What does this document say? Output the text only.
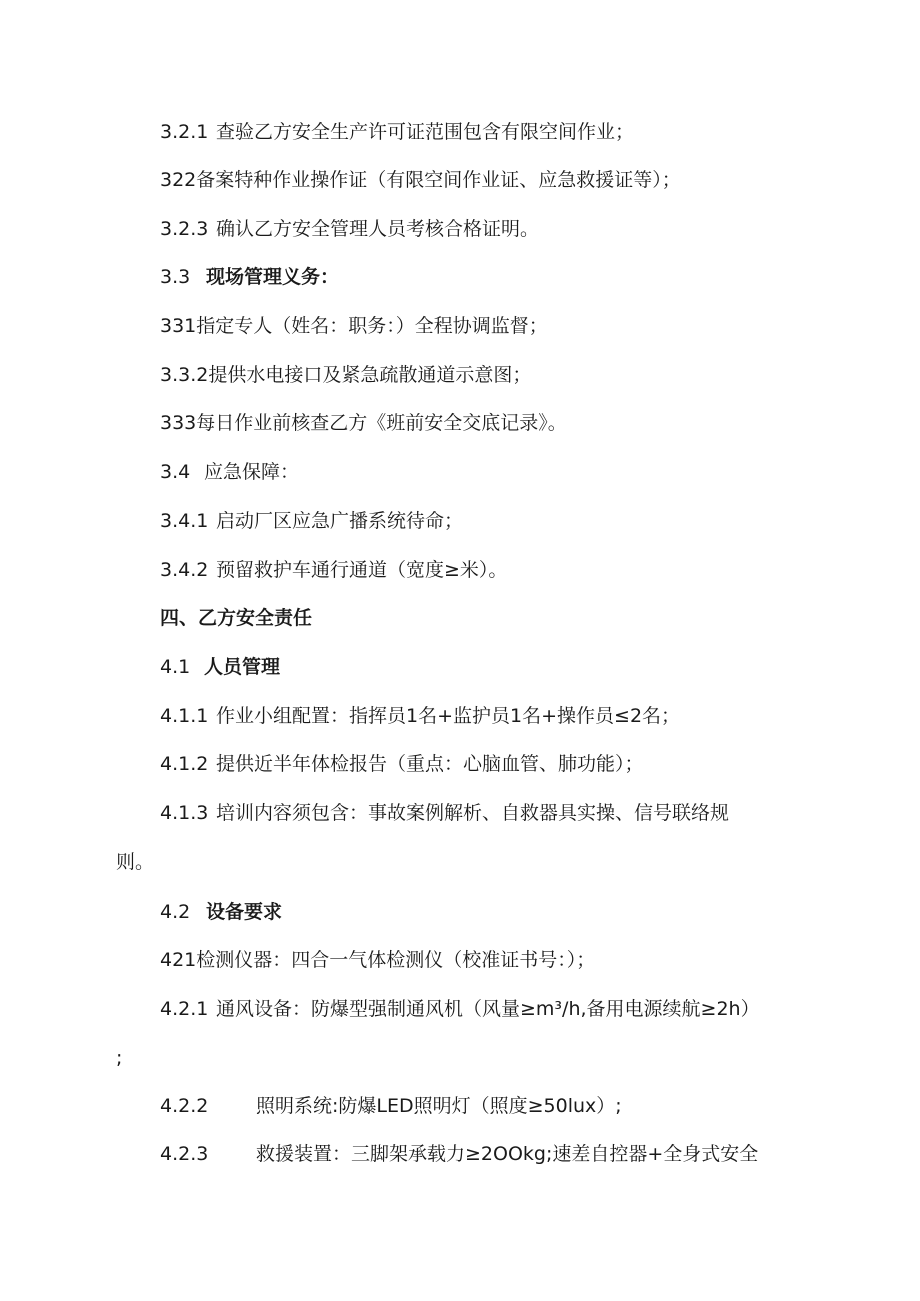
3.2.1 查验乙方安全生产许可证范围包含有限空间作业；
322备案特种作业操作证（有限空间作业证、应急救援证等）；
3.2.3 确认乙方安全管理人员考核合格证明。
3.3 现场管理义务：
331指定专人（姓名：职务：）全程协调监督；
3.3.2提供水电接口及紧急疏散通道示意图；
333每日作业前核查乙方《班前安全交底记录》。
3.4 应急保障：
3.4.1 启动厂区应急广播系统待命；
3.4.2 预留救护车通行通道（宽度≥米）。
四、乙方安全责任
4.1 人员管理
4.1.1 作业小组配置：指挥员1名+监护员1名+操作员≤2名；
4.1.2 提供近半年体检报告（重点：心脑血管、肺功能）；
4.1.3 培训内容须包含：事故案例解析、自救器具实操、信号联络规
则。
4.2 设备要求
421检测仪器：四合一气体检测仪（校准证书号：）；
4.2.1 通风设备：防爆型强制通风机（风量≥m³/h,备用电源续航≥2h）
;
4.2.2	照明系统:防爆LED照明灯（照度≥50lux）;
4.2.3	救援装置：三脚架承载力≥2OOkg;速差自控器+全身式安全
